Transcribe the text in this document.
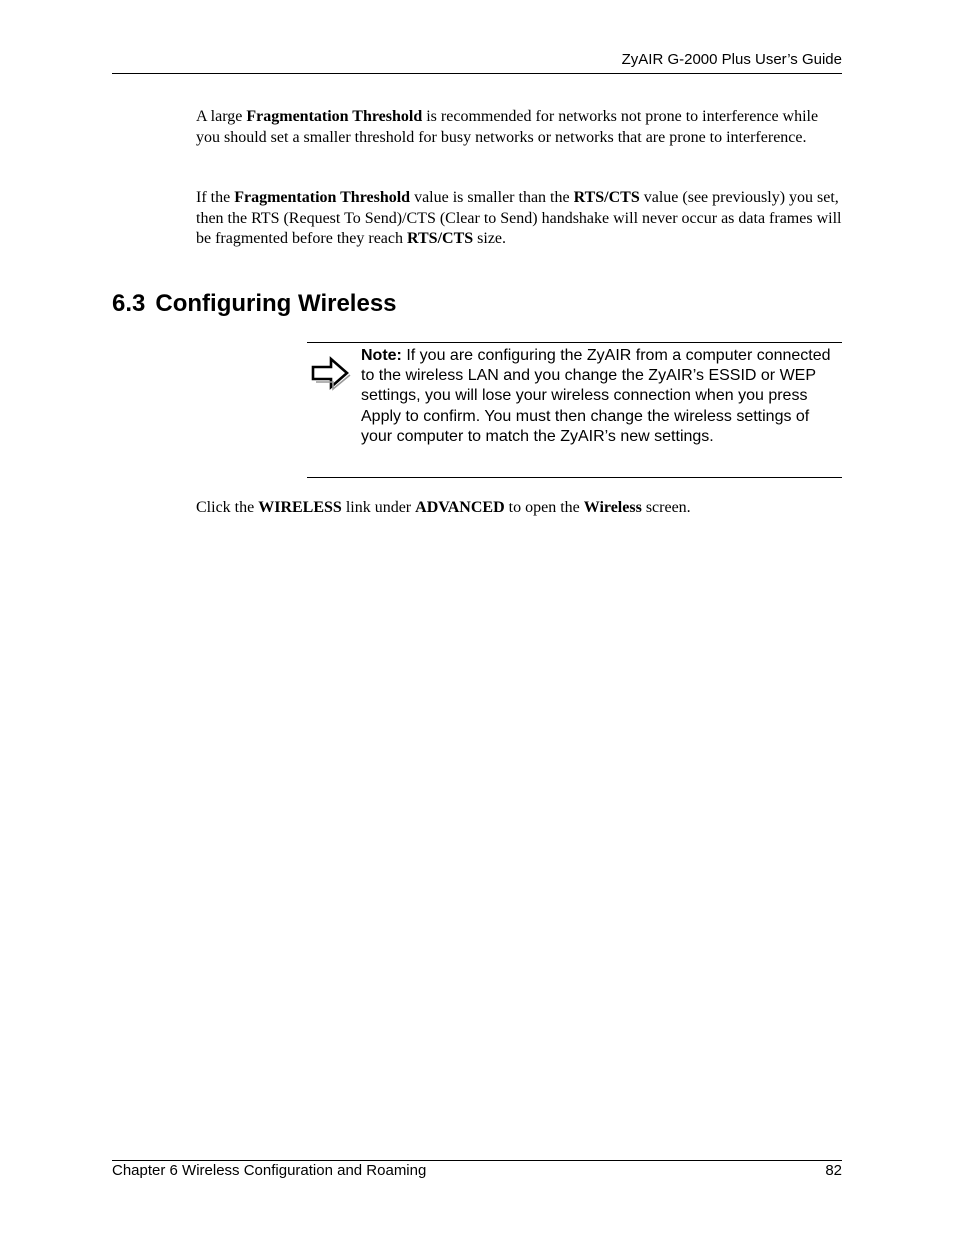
ZyAIR G-2000 Plus User’s Guide

A large Fragmentation Threshold is recommended for networks not prone to interference while you should set a smaller threshold for busy networks or networks that are prone to interference.

If the Fragmentation Threshold value is smaller than the RTS/CTS value (see previously) you set, then the RTS (Request To Send)/CTS (Clear to Send) handshake will never occur as data frames will be fragmented before they reach RTS/CTS size.

6.3 Configuring Wireless

Note: If you are configuring the ZyAIR from a computer connected to the wireless LAN and you change the ZyAIR’s ESSID or WEP settings, you will lose your wireless connection when you press Apply to confirm. You must then change the wireless settings of your computer to match the ZyAIR’s new settings.

Click the WIRELESS link under ADVANCED to open the Wireless screen.

Chapter 6 Wireless Configuration and Roaming	82
